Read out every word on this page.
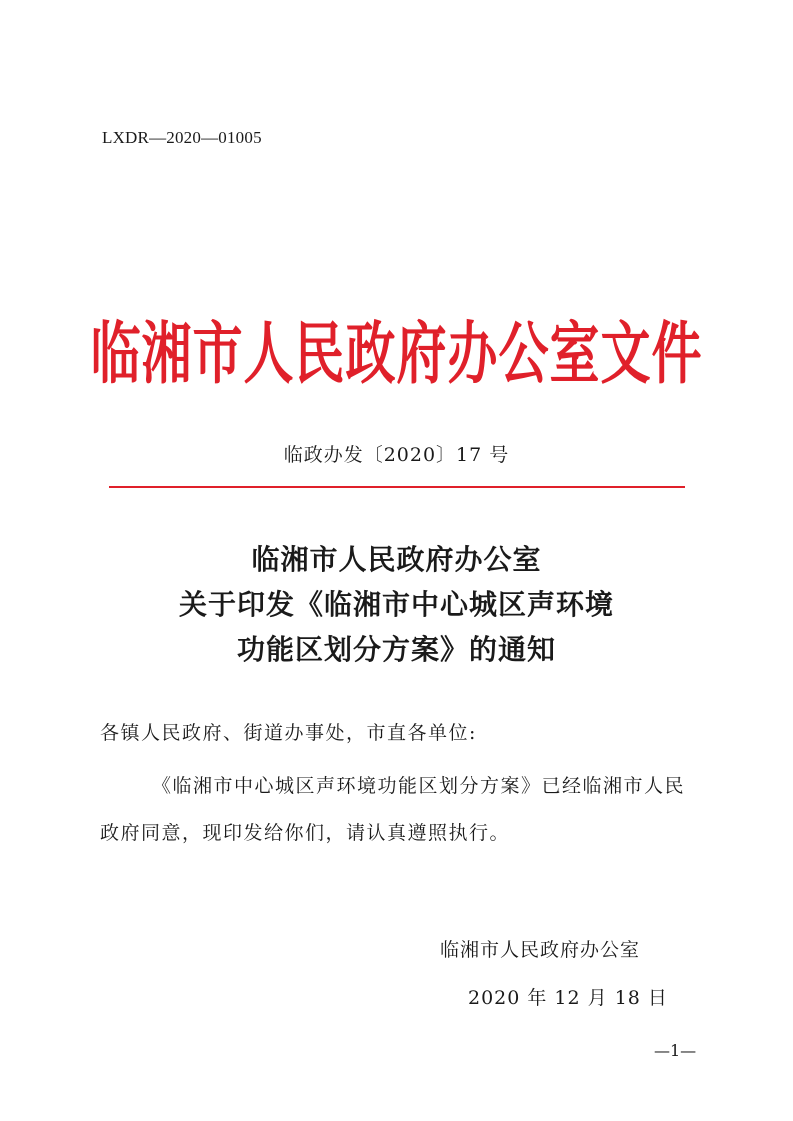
LXDR—2020—01005
临湘市人民政府办公室文件
临政办发〔2020〕17 号
临湘市人民政府办公室
关于印发《临湘市中心城区声环境
功能区划分方案》的通知
各镇人民政府、街道办事处，市直各单位:
《临湘市中心城区声环境功能区划分方案》已经临湘市人民政府同意，现印发给你们，请认真遵照执行。
临湘市人民政府办公室
2020 年 12 月 18 日
—1—
